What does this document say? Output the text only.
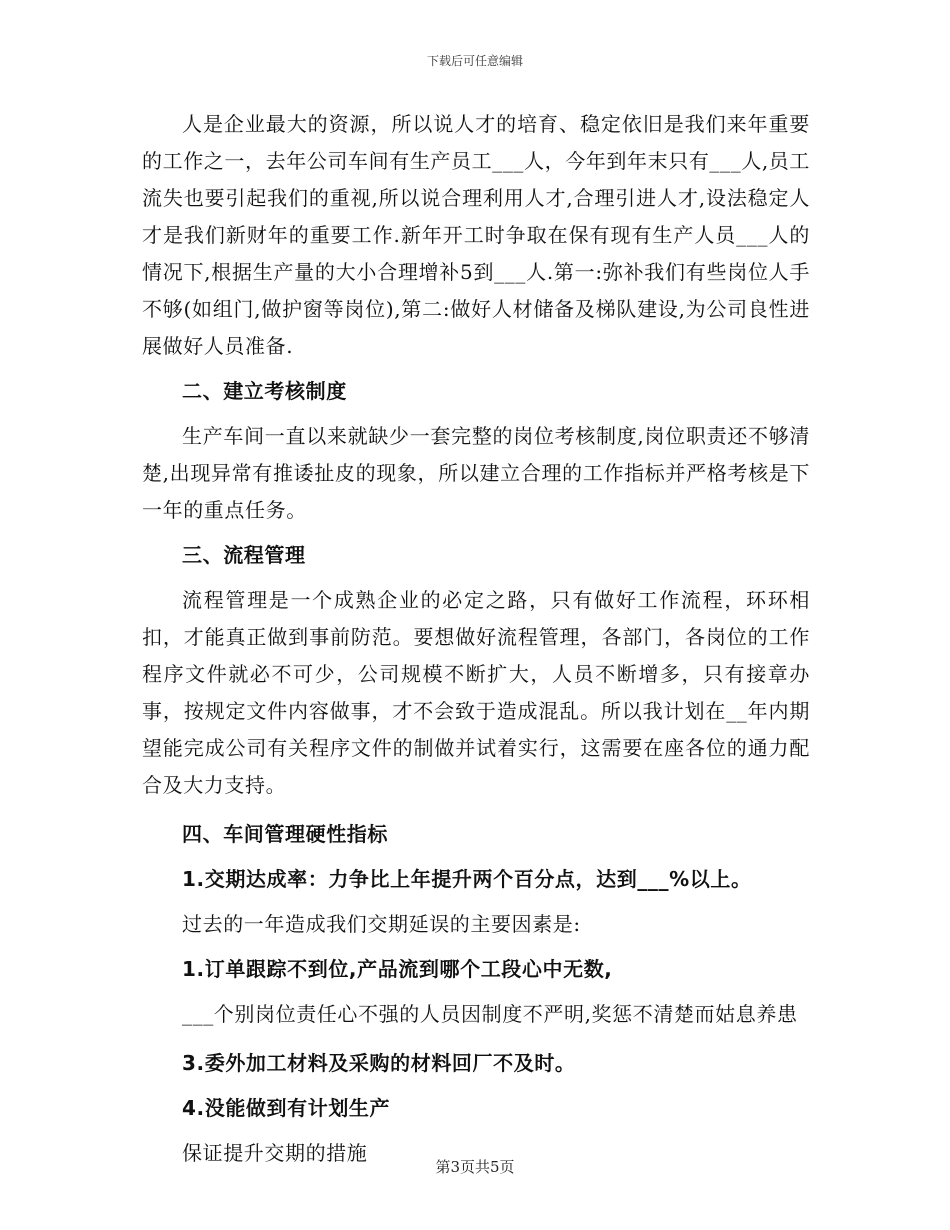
下载后可任意编辑

人是企业最大的资源，所以说人才的培育、稳定依旧是我们来年重要的工作之一，去年公司车间有生产员工___人，今年到年末只有___人,员工流失也要引起我们的重视,所以说合理利用人才,合理引进人才,设法稳定人才是我们新财年的重要工作.新年开工时争取在保有现有生产人员___人的情况下,根据生产量的大小合理增补5到___人.第一:弥补我们有些岗位人手不够(如组门,做护窗等岗位),第二:做好人材储备及梯队建设,为公司良性进展做好人员准备.

二、建立考核制度

生产车间一直以来就缺少一套完整的岗位考核制度,岗位职责还不够清楚,出现异常有推诿扯皮的现象，所以建立合理的工作指标并严格考核是下一年的重点任务。

三、流程管理

流程管理是一个成熟企业的必定之路，只有做好工作流程，环环相扣，才能真正做到事前防范。要想做好流程管理，各部门，各岗位的工作程序文件就必不可少，公司规模不断扩大，人员不断增多，只有接章办事，按规定文件内容做事，才不会致于造成混乱。所以我计划在__年内期望能完成公司有关程序文件的制做并试着实行，这需要在座各位的通力配合及大力支持。

四、车间管理硬性指标

1.交期达成率：力争比上年提升两个百分点，达到___%以上。

过去的一年造成我们交期延误的主要因素是:

1.订单跟踪不到位,产品流到哪个工段心中无数,

___个别岗位责任心不强的人员因制度不严明,奖惩不清楚而姑息养患

3.委外加工材料及采购的材料回厂不及时。

4.没能做到有计划生产

保证提升交期的措施

第3页共5页
